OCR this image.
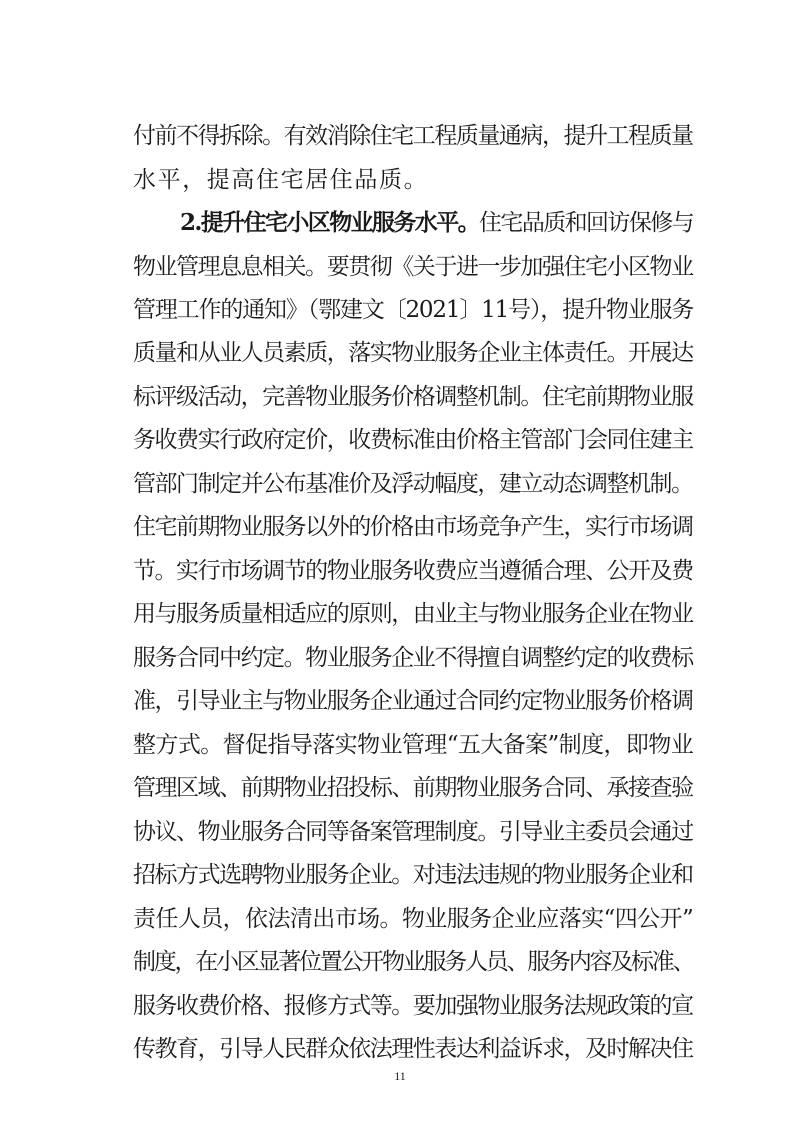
付前不得拆除。有效消除住宅工程质量通病，提升工程质量
水平，提高住宅居住品质。
2.提升住宅小区物业服务水平。住宅品质和回访保修与
物业管理息息相关。要贯彻《关于进一步加强住宅小区物业
管理工作的通知》（鄂建文〔2021〕11号），提升物业服务
质量和从业人员素质，落实物业服务企业主体责任。开展达
标评级活动，完善物业服务价格调整机制。住宅前期物业服
务收费实行政府定价，收费标准由价格主管部门会同住建主
管部门制定并公布基准价及浮动幅度，建立动态调整机制。
住宅前期物业服务以外的价格由市场竞争产生，实行市场调
节。实行市场调节的物业服务收费应当遵循合理、公开及费
用与服务质量相适应的原则，由业主与物业服务企业在物业
服务合同中约定。物业服务企业不得擅自调整约定的收费标
准，引导业主与物业服务企业通过合同约定物业服务价格调
整方式。督促指导落实物业管理“五大备案”制度，即物业
管理区域、前期物业招投标、前期物业服务合同、承接查验
协议、物业服务合同等备案管理制度。引导业主委员会通过
招标方式选聘物业服务企业。对违法违规的物业服务企业和
责任人员，依法清出市场。物业服务企业应落实“四公开”
制度，在小区显著位置公开物业服务人员、服务内容及标准、
服务收费价格、报修方式等。要加强物业服务法规政策的宣
传教育，引导人民群众依法理性表达利益诉求，及时解决住
11
